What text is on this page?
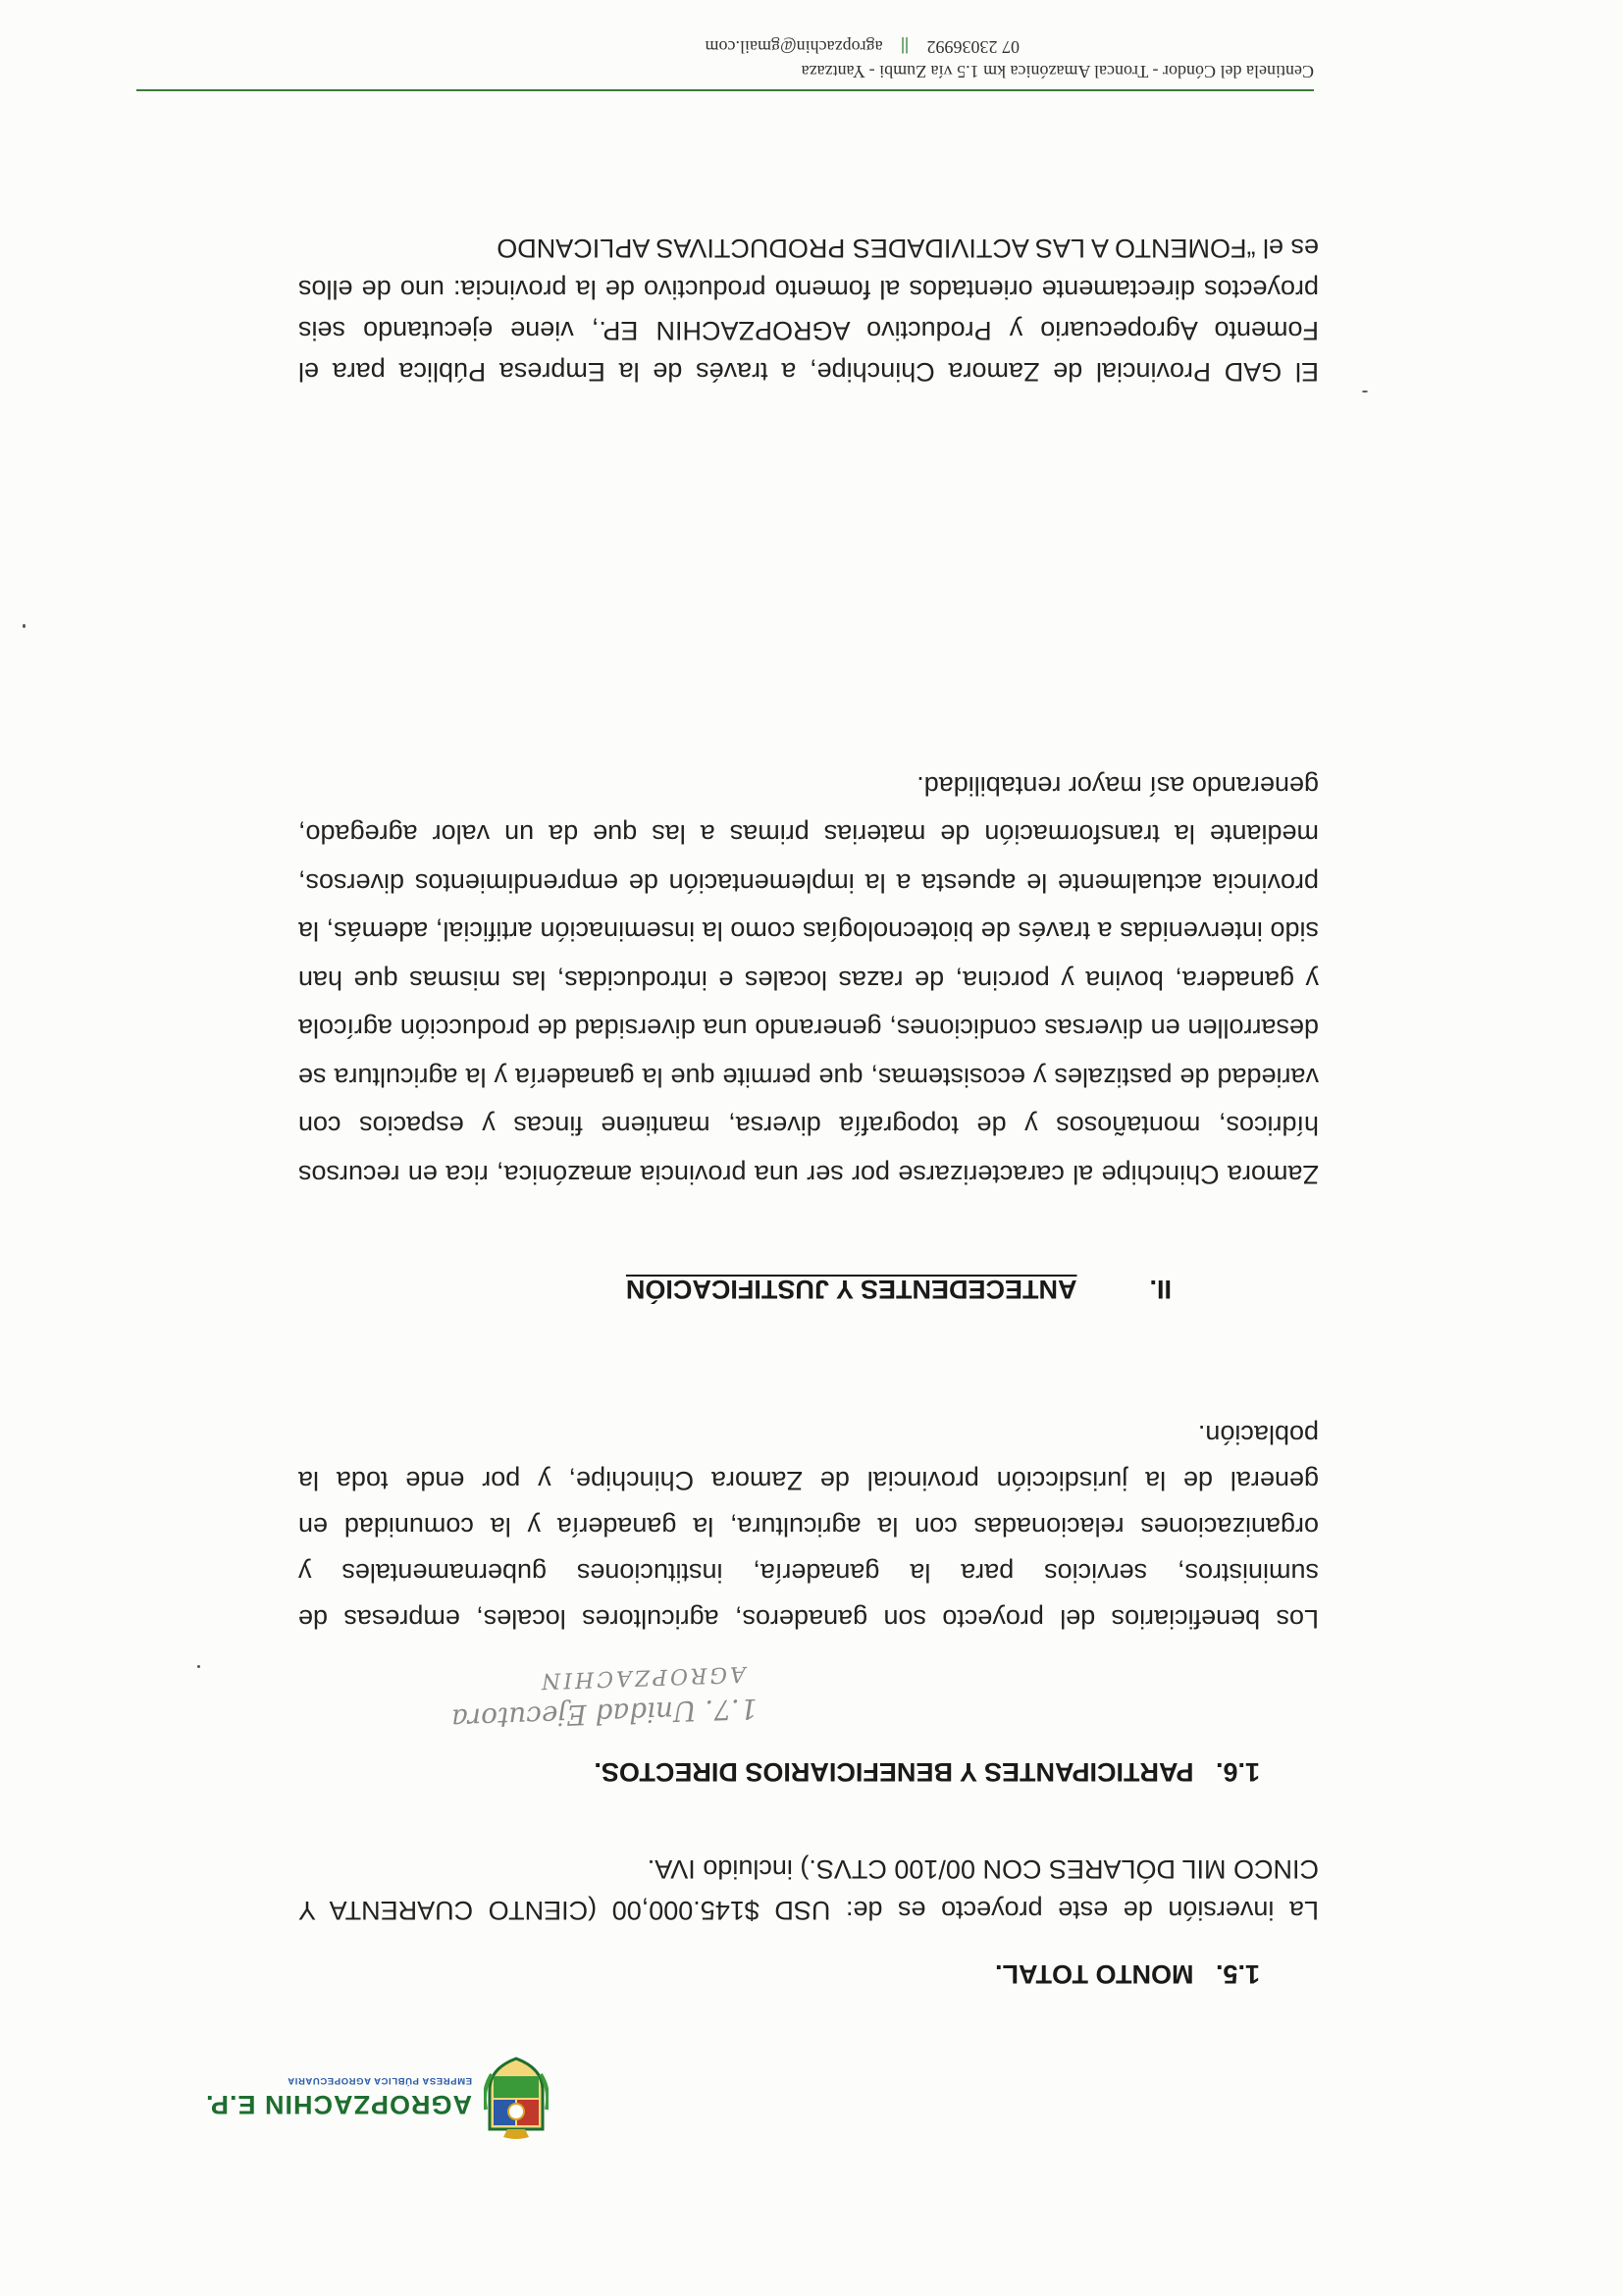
AGROPZACHIN E.P.
EMPRESA PÚBLICA AGROPECUARIA
1.5. MONTO TOTAL.

La inversión de este proyecto es de: USD $145.000,00 (CIENTO CUARENTA Y CINCO MIL DÓLARES CON 00/100 CTVS.) incluido IVA.

1.6. PARTICIPANTES Y BENEFICIARIOS DIRECTOS.
1.7. Unidad Ejecutora
AGROPZACHIN

Los beneficiarios del proyecto son ganaderos, agricultores locales, empresas de suministros, servicios para la ganadería, instituciones gubernamentales y organizaciones relacionadas con la agricultura, la ganadería y la comunidad en general de la jurisdicción provincial de Zamora Chinchipe, y por ende toda la población.

II. ANTECEDENTES Y JUSTIFICACIÓN

Zamora Chinchipe al caracterizarse por ser una provincia amazónica, rica en recursos hídricos, montañosos y de topografía diversa, mantiene fincas y espacios con variedad de pastizales y ecosistemas, que permite que la ganadería y la agricultura se desarrollen en diversas condiciones, generando una diversidad de producción agrícola y ganadera, bovina y porcina, de razas locales e introducidas, las mismas que han sido intervenidas a través de biotecnologías como la inseminación artificial, además, la provincia actualmente le apuesta a la implementación de emprendimientos diversos, mediante la transformación de materias primas a las que da un valor agregado, generando así mayor rentabilidad.

El GAD Provincial de Zamora Chinchipe, a través de la Empresa Pública para el Fomento Agropecuario y Productivo AGROPZACHIN EP., viene ejecutando seis proyectos directamente orientados al fomento productivo de la provincia: uno de ellos es el “FOMENTO A LAS ACTIVIDADES PRODUCTIVAS APLICANDO

Centinela del Cóndor - Troncal Amazónica km 1.5 vía Zumbi - Yantzaza
07 23036992 || agropzachin@gmail.com
